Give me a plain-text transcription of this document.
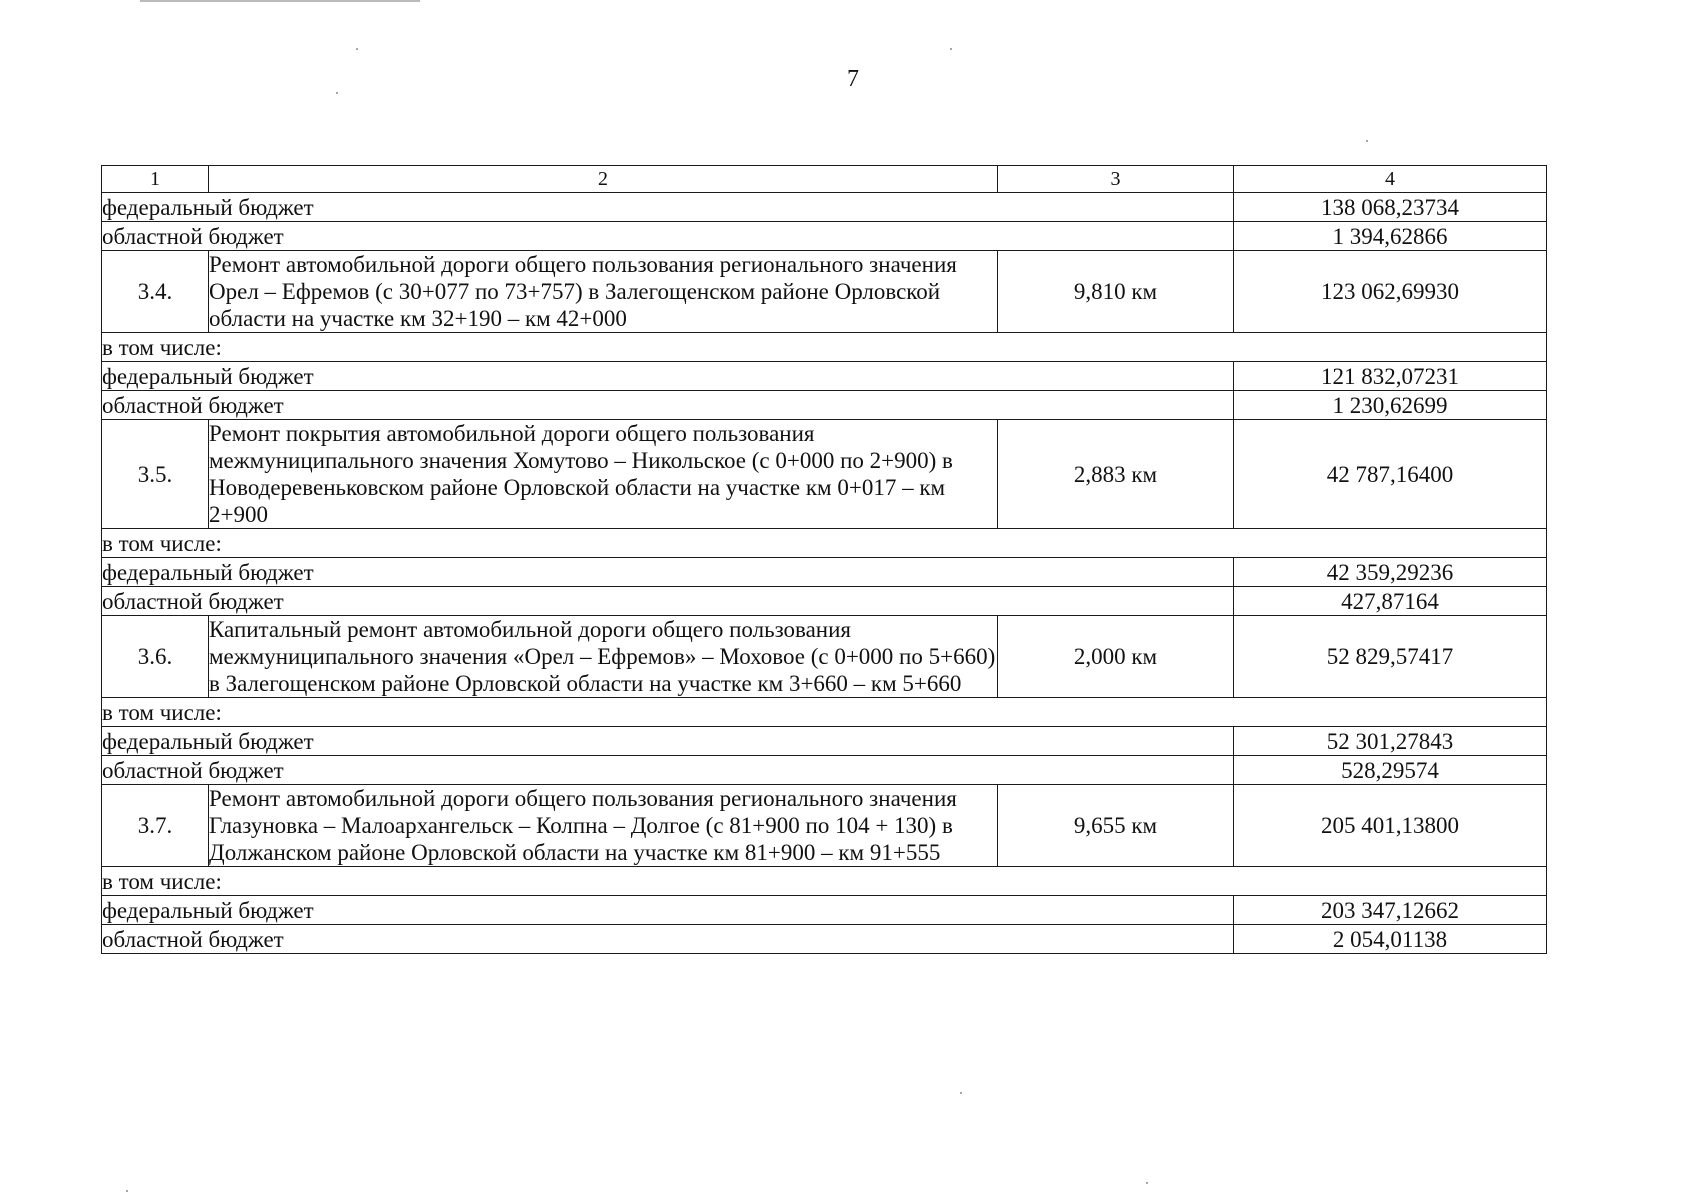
7
1	2	3	4
федеральный бюджет			138 068,23734
областной бюджет			1 394,62866
3.4.	Ремонт автомобильной дороги общего пользования регионального значения Орел – Ефремов (с 30+077 по 73+757) в Залегощенском районе Орловской области на участке км 32+190 – км 42+000	9,810 км	123 062,69930
в том числе:			
федеральный бюджет			121 832,07231
областной бюджет			1 230,62699
3.5.	Ремонт покрытия автомобильной дороги общего пользования межмуниципального значения Хомутово – Никольское (с 0+000 по 2+900) в Новодеревеньковском районе Орловской области на участке км 0+017 – км 2+900	2,883 км	42 787,16400
в том числе:			
федеральный бюджет			42 359,29236
областной бюджет			427,87164
3.6.	Капитальный ремонт автомобильной дороги общего пользования межмуниципального значения «Орел – Ефремов» – Моховое (с 0+000 по 5+660) в Залегощенском районе Орловской области на участке км 3+660 – км 5+660	2,000 км	52 829,57417
в том числе:			
федеральный бюджет			52 301,27843
областной бюджет			528,29574
3.7.	Ремонт автомобильной дороги общего пользования регионального значения Глазуновка – Малоархангельск – Колпна – Долгое (с 81+900 по 104 + 130) в Должанском районе Орловской области на участке км 81+900 – км 91+555	9,655 км	205 401,13800
в том числе:			
федеральный бюджет			203 347,12662
областной бюджет			2 054,01138
